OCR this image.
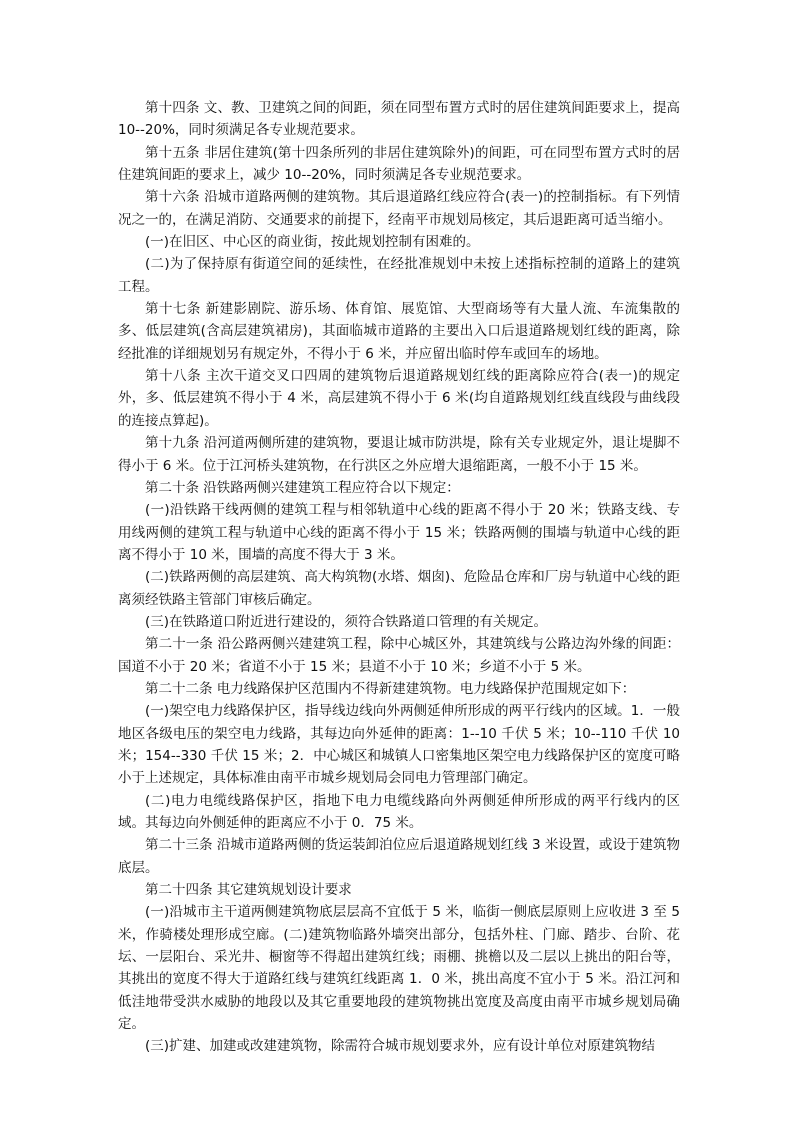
第十四条 文、教、卫建筑之间的间距，须在同型布置方式时的居住建筑间距要求上，提高 10--20%，同时须满足各专业规范要求。

第十五条 非居住建筑(第十四条所列的非居住建筑除外)的间距，可在同型布置方式时的居住建筑间距的要求上，减少 10--20%，同时须满足各专业规范要求。

第十六条 沿城市道路两侧的建筑物。其后退道路红线应符合(表一)的控制指标。有下列情况之一的，在满足消防、交通要求的前提下，经南平市规划局核定，其后退距离可适当缩小。

(一)在旧区、中心区的商业街，按此规划控制有困难的。

(二)为了保持原有街道空间的延续性，在经批准规划中未按上述指标控制的道路上的建筑工程。

第十七条 新建影剧院、游乐场、体育馆、展览馆、大型商场等有大量人流、车流集散的多、低层建筑(含高层建筑裙房)，其面临城市道路的主要出入口后退道路规划红线的距离，除经批准的详细规划另有规定外，不得小于 6 米，并应留出临时停车或回车的场地。

第十八条 主次干道交叉口四周的建筑物后退道路规划红线的距离除应符合(表一)的规定外，多、低层建筑不得小于 4 米，高层建筑不得小于 6 米(均自道路规划红线直线段与曲线段的连接点算起)。

第十九条 沿河道两侧所建的建筑物，要退让城市防洪堤，除有关专业规定外，退让堤脚不得小于 6 米。位于江河桥头建筑物，在行洪区之外应增大退缩距离，一般不小于 15 米。

第二十条 沿铁路两侧兴建建筑工程应符合以下规定：

(一)沿铁路干线两侧的建筑工程与相邻轨道中心线的距离不得小于 20 米；铁路支线、专用线两侧的建筑工程与轨道中心线的距离不得小于 15 米；铁路两侧的围墙与轨道中心线的距离不得小于 10 米，围墙的高度不得大于 3 米。

(二)铁路两侧的高层建筑、高大构筑物(水塔、烟囱)、危险品仓库和厂房与轨道中心线的距离须经铁路主管部门审核后确定。

(三)在铁路道口附近进行建设的，须符合铁路道口管理的有关规定。

第二十一条 沿公路两侧兴建建筑工程，除中心城区外，其建筑线与公路边沟外缘的间距：国道不小于 20 米；省道不小于 15 米；县道不小于 10 米；乡道不小于 5 米。

第二十二条 电力线路保护区范围内不得新建建筑物。电力线路保护范围规定如下：

(一)架空电力线路保护区，指导线边线向外两侧延伸所形成的两平行线内的区域。1．一般地区各级电压的架空电力线路，其每边向外延伸的距离：1--10 千伏 5 米；10--110 千伏 10 米；154--330 千伏 15 米；2．中心城区和城镇人口密集地区架空电力线路保护区的宽度可略小于上述规定，具体标准由南平市城乡规划局会同电力管理部门确定。

(二)电力电缆线路保护区，指地下电力电缆线路向外两侧延伸所形成的两平行线内的区域。其每边向外侧延伸的距离应不小于 0．75 米。

第二十三条 沿城市道路两侧的货运装卸泊位应后退道路规划红线 3 米设置，或设于建筑物底层。

第二十四条 其它建筑规划设计要求

(一)沿城市主干道两侧建筑物底层层高不宜低于 5 米，临街一侧底层原则上应收进 3 至 5 米，作骑楼处理形成空廊。(二)建筑物临路外墙突出部分，包括外柱、门廊、踏步、台阶、花坛、一层阳台、采光井、橱窗等不得超出建筑红线；雨棚、挑檐以及二层以上挑出的阳台等，其挑出的宽度不得大于道路红线与建筑红线距离 1．0 米，挑出高度不宜小于 5 米。沿江河和低洼地带受洪水威胁的地段以及其它重要地段的建筑物挑出宽度及高度由南平市城乡规划局确定。

(三)扩建、加建或改建建筑物，除需符合城市规划要求外，应有设计单位对原建筑物结
